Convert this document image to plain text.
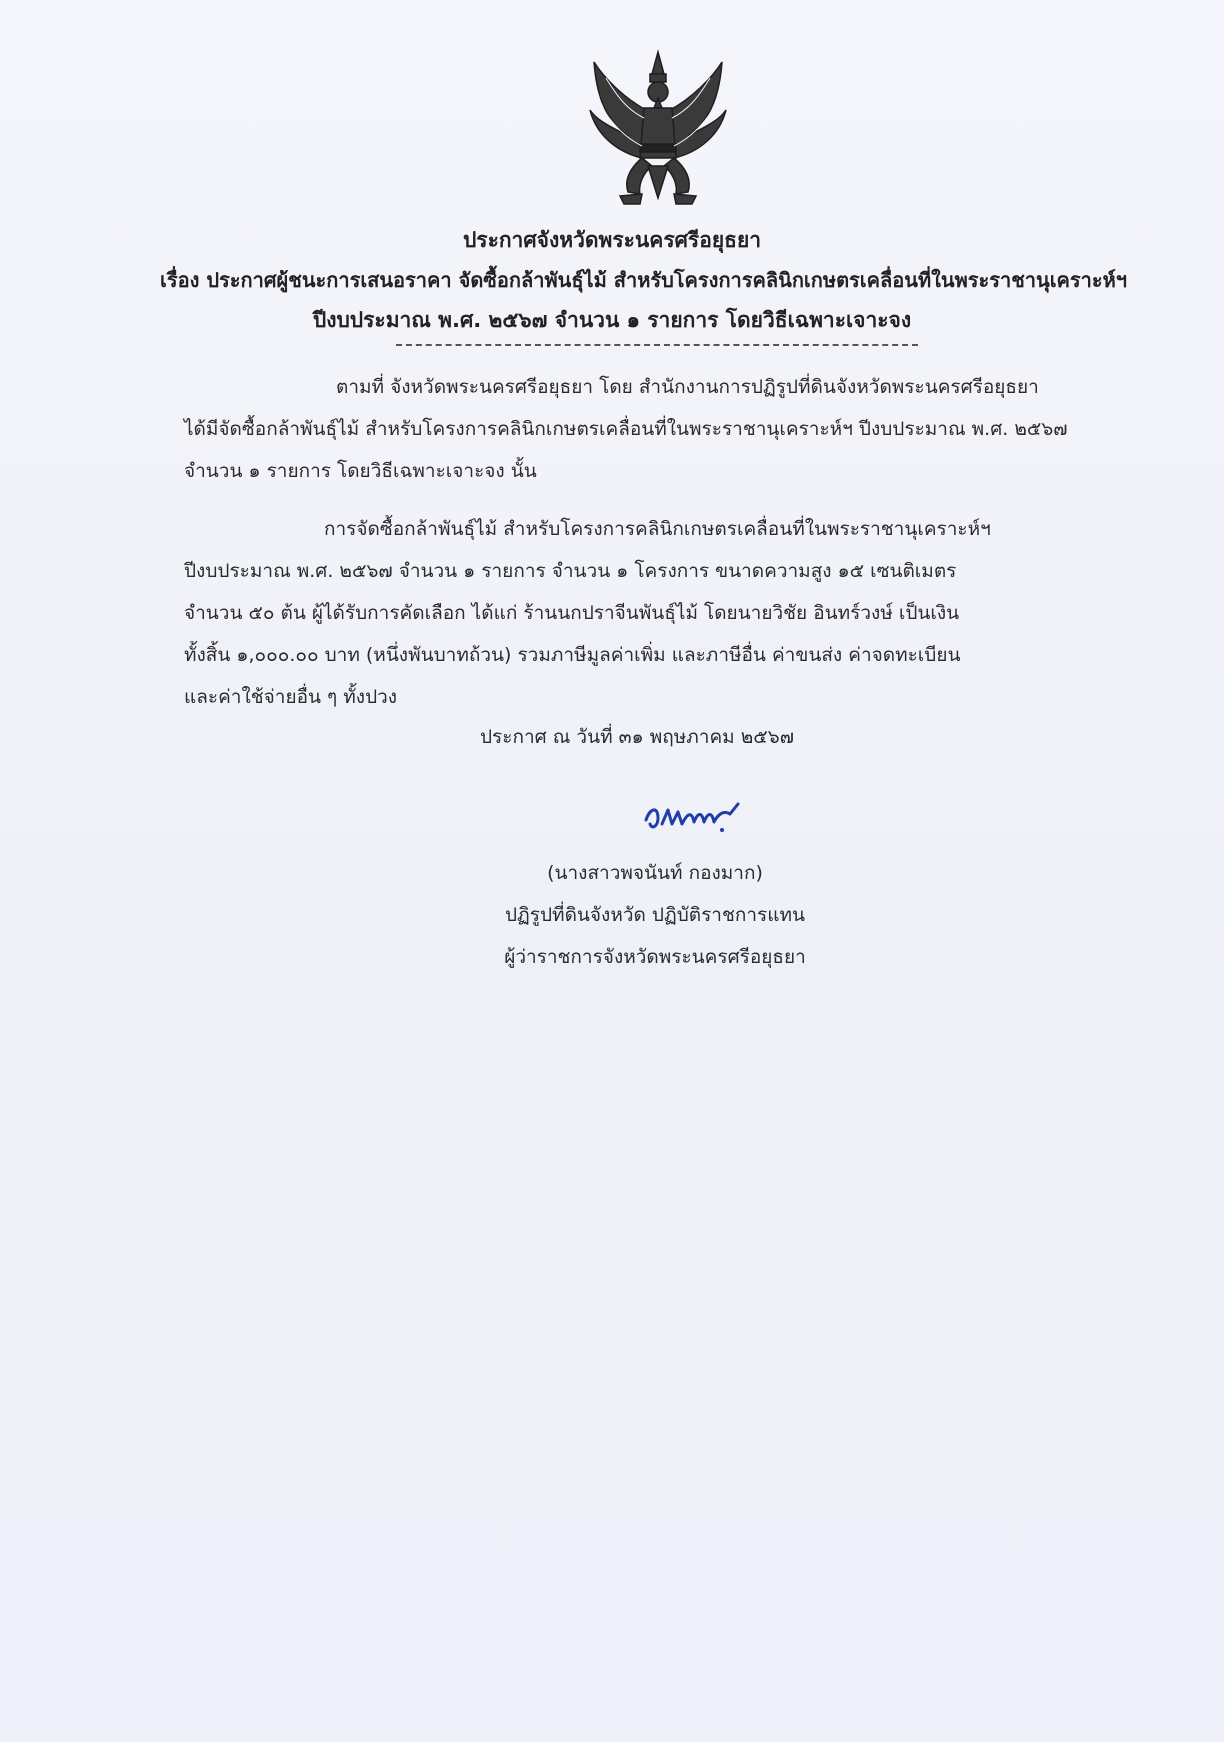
ประกาศจังหวัดพระนครศรีอยุธยา
เรื่อง ประกาศผู้ชนะการเสนอราคา จัดซื้อกล้าพันธุ์ไม้ สำหรับโครงการคลินิกเกษตรเคลื่อนที่ในพระราชานุเคราะห์ฯ
ปีงบประมาณ พ.ศ. ๒๕๖๗ จำนวน ๑ รายการ โดยวิธีเฉพาะเจาะจง
ตามที่ จังหวัดพระนครศรีอยุธยา โดย สำนักงานการปฏิรูปที่ดินจังหวัดพระนครศรีอยุธยา
ได้มีจัดซื้อกล้าพันธุ์ไม้ สำหรับโครงการคลินิกเกษตรเคลื่อนที่ในพระราชานุเคราะห์ฯ ปีงบประมาณ พ.ศ. ๒๕๖๗
จำนวน ๑ รายการ โดยวิธีเฉพาะเจาะจง นั้น
การจัดซื้อกล้าพันธุ์ไม้ สำหรับโครงการคลินิกเกษตรเคลื่อนที่ในพระราชานุเคราะห์ฯ
ปีงบประมาณ พ.ศ. ๒๕๖๗ จำนวน ๑ รายการ จำนวน ๑ โครงการ ขนาดความสูง ๑๕ เซนติเมตร
จำนวน ๕๐ ต้น ผู้ได้รับการคัดเลือก ได้แก่ ร้านนกปราจีนพันธุ์ไม้ โดยนายวิชัย อินทร์วงษ์ เป็นเงิน
ทั้งสิ้น ๑,๐๐๐.๐๐ บาท (หนึ่งพันบาทถ้วน) รวมภาษีมูลค่าเพิ่ม และภาษีอื่น ค่าขนส่ง ค่าจดทะเบียน
และค่าใช้จ่ายอื่น ๆ ทั้งปวง
ประกาศ ณ วันที่ ๓๑ พฤษภาคม ๒๕๖๗
(นางสาวพจนันท์ กองมาก)
ปฏิรูปที่ดินจังหวัด ปฏิบัติราชการแทน
ผู้ว่าราชการจังหวัดพระนครศรีอยุธยา
